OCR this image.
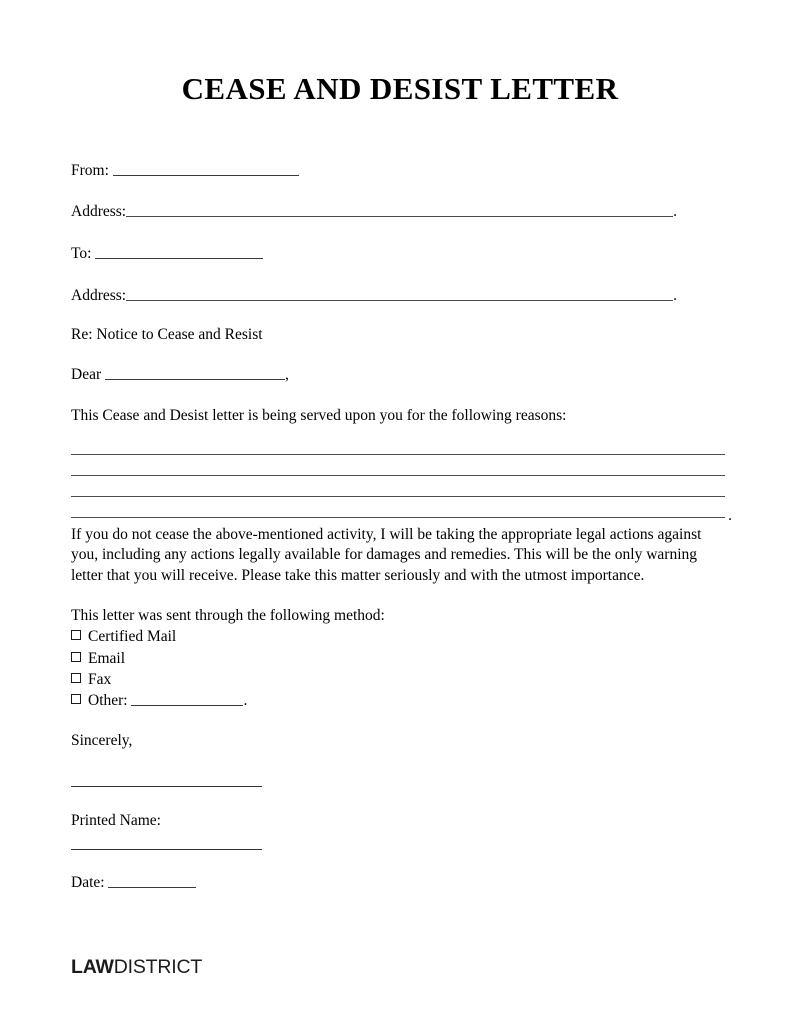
CEASE AND DESIST LETTER
From:
Address:	.
To:
Address:	.
Re: Notice to Cease and Resist
Dear	,
This Cease and Desist letter is being served upon you for the following reasons:
.
If you do not cease the above-mentioned activity, I will be taking the appropriate legal actions against you, including any actions legally available for damages and remedies. This will be the only warning letter that you will receive. Please take this matter seriously and with the utmost importance.
This letter was sent through the following method:
Certified Mail
Email
Fax
Other:	.
Sincerely,
Printed Name:
Date:
LAWDISTRICT
